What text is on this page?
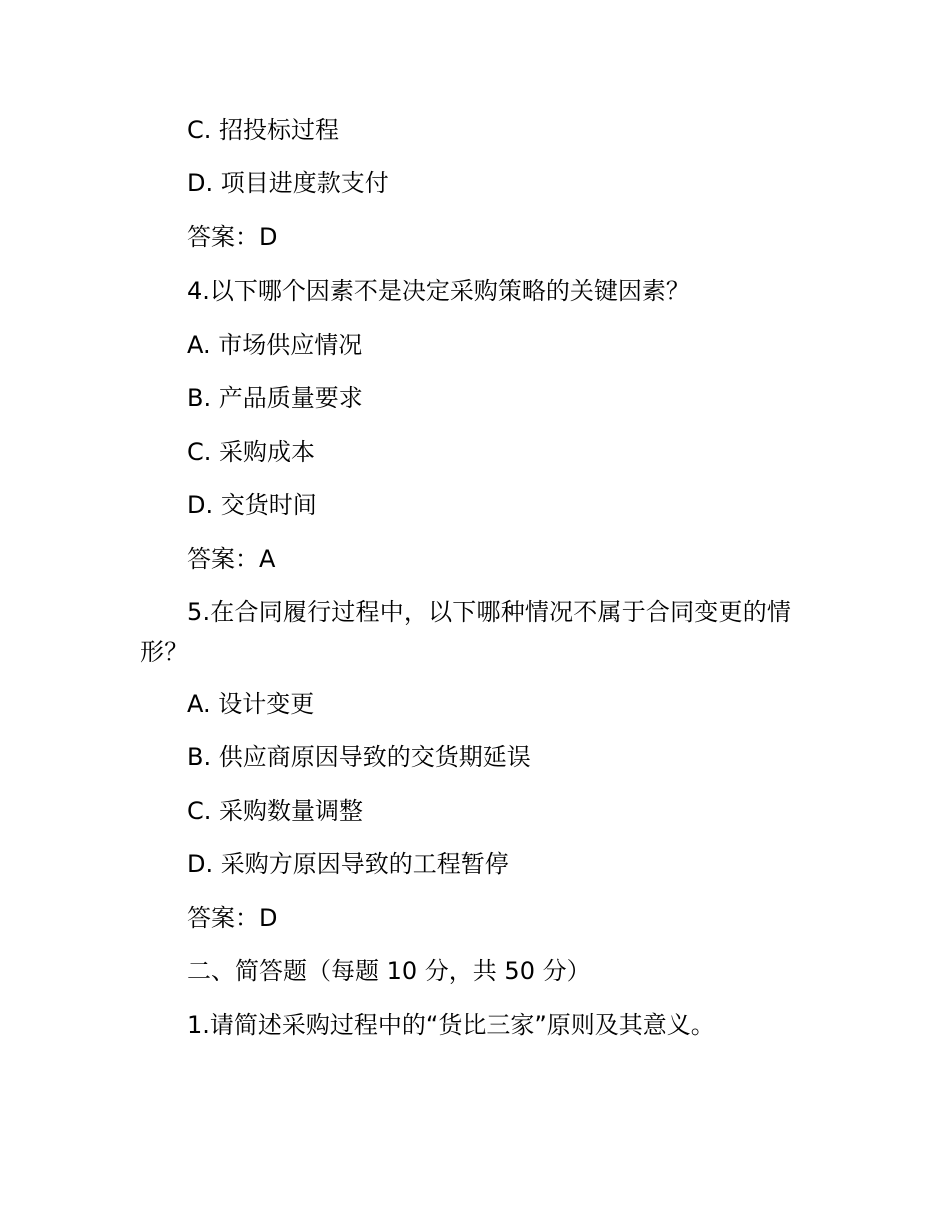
C. 招投标过程
D. 项目进度款支付
答案：D
4.以下哪个因素不是决定采购策略的关键因素？
A. 市场供应情况
B. 产品质量要求
C. 采购成本
D. 交货时间
答案：A
5.在合同履行过程中，以下哪种情况不属于合同变更的情形？
A. 设计变更
B. 供应商原因导致的交货期延误
C. 采购数量调整
D. 采购方原因导致的工程暂停
答案：D
二、简答题（每题 10 分，共 50 分）
1.请简述采购过程中的“货比三家”原则及其意义。
